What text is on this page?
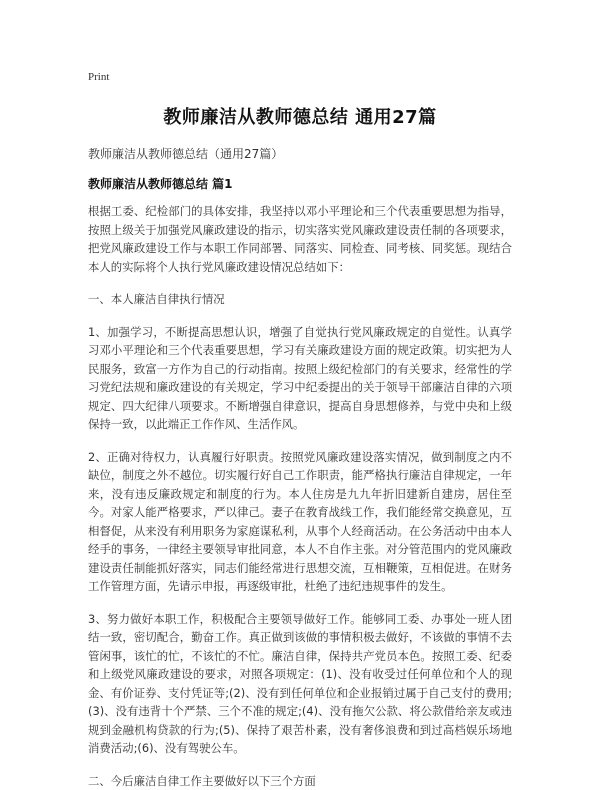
Print
教师廉洁从教师德总结 通用27篇
教师廉洁从教师德总结（通用27篇）
教师廉洁从教师德总结 篇1

根据工委、纪检部门的具体安排，我坚持以邓小平理论和三个代表重要思想为指导，按照上级关于加强党风廉政建设的指示，切实落实党风廉政建设责任制的各项要求，把党风廉政建设工作与本职工作同部署、同落实、同检查、同考核、同奖惩。现结合本人的实际将个人执行党风廉政建设情况总结如下：

一、本人廉洁自律执行情况

1、加强学习，不断提高思想认识，增强了自觉执行党风廉政规定的自觉性。认真学习邓小平理论和三个代表重要思想，学习有关廉政建设方面的规定政策。切实把为人民服务，致富一方作为自己的行动指南。按照上级纪检部门的有关要求，经常性的学习党纪法规和廉政建设的有关规定，学习中纪委提出的关于领导干部廉洁自律的六项规定、四大纪律八项要求。不断增强自律意识，提高自身思想修养，与党中央和上级保持一致，以此端正工作作风、生活作风。

2、正确对待权力，认真履行好职责。按照党风廉政建设落实情况，做到制度之内不缺位，制度之外不越位。切实履行好自己工作职责，能严格执行廉洁自律规定，一年来，没有违反廉政规定和制度的行为。本人住房是九九年折旧建新自建房，居住至今。对家人能严格要求，严以律己。妻子在教育战线工作，我们能经常交换意见，互相督促，从来没有利用职务为家庭谋私利，从事个人经商活动。在公务活动中由本人经手的事务，一律经主要领导审批同意，本人不自作主张。对分管范围内的党风廉政建设责任制能抓好落实，同志们能经常进行思想交流，互相鞭策，互相促进。在财务工作管理方面，先请示申报，再逐级审批，杜绝了违纪违规事件的发生。

3、努力做好本职工作，积极配合主要领导做好工作。能够同工委、办事处一班人团结一致，密切配合，勤奋工作。真正做到该做的事情积极去做好，不该做的事情不去管闲事，该忙的忙，不该忙的不忙。廉洁自律，保持共产党员本色。按照工委、纪委和上级党风廉政建设的要求，对照各项规定：(1)、没有收受过任何单位和个人的现金、有价证券、支付凭证等;(2)、没有到任何单位和企业报销过属于自己支付的费用;(3)、没有违背十个严禁、三个不准的规定;(4)、没有拖欠公款、将公款借给亲友或违规到金融机构贷款的行为;(5)、保持了艰苦朴素，没有奢侈浪费和到过高档娱乐场地消费活动;(6)、没有驾驶公车。

二、今后廉洁自律工作主要做好以下三个方面
